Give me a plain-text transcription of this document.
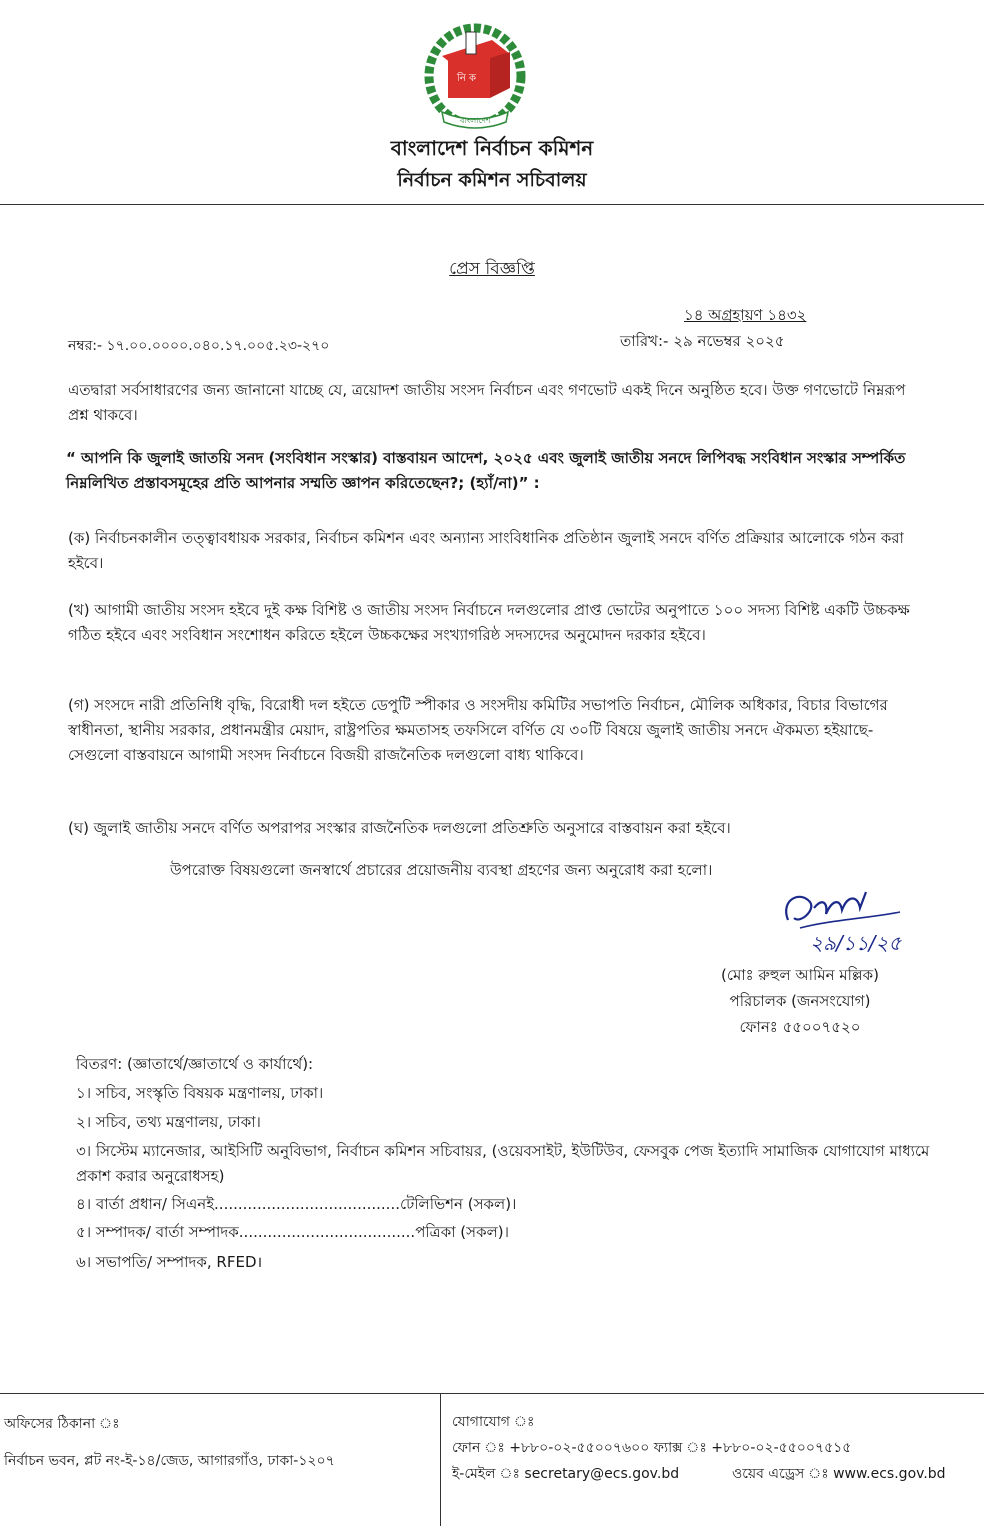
নি ক
বাংলাদেশ
বাংলাদেশ নির্বাচন কমিশন
নির্বাচন কমিশন সচিবালয়
প্রেস বিজ্ঞপ্তি
১৪ অগ্রহায়ণ ১৪৩২
নম্বর:- ১৭.০০.০০০০.০৪০.১৭.০০৫.২৩-২৭০	তারিখ:- ২৯ নভেম্বর ২০২৫
এতদ্বারা সর্বসাধারণের জন্য জানানো যাচ্ছে যে, ত্রয়োদশ জাতীয় সংসদ নির্বাচন এবং গণভোট একই দিনে অনুষ্ঠিত হবে। উক্ত গণভোটে নিম্নরূপ প্রশ্ন থাকবে।
“ আপনি কি জুলাই জাতয়ি সনদ (সংবিধান সংস্কার) বাস্তবায়ন আদেশ, ২০২৫ এবং জুলাই জাতীয় সনদে লিপিবদ্ধ সংবিধান সংস্কার সম্পর্কিত নিম্নলিখিত প্রস্তাবসমূহের প্রতি আপনার সম্মতি জ্ঞাপন করিতেছেন?; (হ্যাঁ/না)” :
(ক) নির্বাচনকালীন তত্ত্বাবধায়ক সরকার, নির্বাচন কমিশন এবং অন্যান্য সাংবিধানিক প্রতিষ্ঠান জুলাই সনদে বর্ণিত প্রক্রিয়ার আলোকে গঠন করা হইবে।
(খ) আগামী জাতীয় সংসদ হইবে দুই কক্ষ বিশিষ্ট ও জাতীয় সংসদ নির্বাচনে দলগুলোর প্রাপ্ত ভোটের অনুপাতে ১০০ সদস্য বিশিষ্ট একটি উচ্চকক্ষ গঠিত হইবে এবং সংবিধান সংশোধন করিতে হইলে উচ্চকক্ষের সংখ্যাগরিষ্ঠ সদস্যদের অনুমোদন দরকার হইবে।
(গ) সংসদে নারী প্রতিনিধি বৃদ্ধি, বিরোধী দল হইতে ডেপুটি স্পীকার ও সংসদীয় কমিটির সভাপতি নির্বাচন, মৌলিক অধিকার, বিচার বিভাগের স্বাধীনতা, স্থানীয় সরকার, প্রধানমন্ত্রীর মেয়াদ, রাষ্ট্রপতির ক্ষমতাসহ তফসিলে বর্ণিত যে ৩০টি বিষয়ে জুলাই জাতীয় সনদে ঐকমত্য হইয়াছে- সেগুলো বাস্তবায়নে আগামী সংসদ নির্বাচনে বিজয়ী রাজনৈতিক দলগুলো বাধ্য থাকিবে।
(ঘ) জুলাই জাতীয় সনদে বর্ণিত অপরাপর সংস্কার রাজনৈতিক দলগুলো প্রতিশ্রুতি অনুসারে বাস্তবায়ন করা হইবে।
উপরোক্ত বিষয়গুলো জনস্বার্থে প্রচারের প্রয়োজনীয় ব্যবস্থা গ্রহণের জন্য অনুরোধ করা হলো।
২৯/১১/২৫
(মোঃ রুহুল আমিন মল্লিক)
পরিচালক (জনসংযোগ)
ফোনঃ ৫৫০০৭৫২০
বিতরণ: (জ্ঞাতার্থে/জ্ঞাতার্থে ও কার্যার্থে):
১। সচিব, সংস্কৃতি বিষয়ক মন্ত্রণালয়, ঢাকা।
২। সচিব, তথ্য মন্ত্রণালয়, ঢাকা।
৩। সিস্টেম ম্যানেজার, আইসিটি অনুবিভাগ, নির্বাচন কমিশন সচিবায়র, (ওয়েবসাইট, ইউটিউব, ফেসবুক পেজ ইত্যাদি সামাজিক যোগাযোগ মাধ্যমে প্রকাশ করার অনুরোধসহ)
৪। বার্তা প্রধান/ সিএনই.......................................টেলিভিশন (সকল)।
৫। সম্পাদক/ বার্তা সম্পাদক.....................................পত্রিকা (সকল)।
৬। সভাপতি/ সম্পাদক, RFED।
অফিসের ঠিকানা ঃ
নির্বাচন ভবন, প্লট নং-ই-১৪/জেড, আগারগাঁও, ঢাকা-১২০৭
যোগাযোগ ঃ
ফোন ঃ +৮৮০-০২-৫৫০০৭৬০০ ফ্যাক্স ঃ +৮৮০-০২-৫৫০০৭৫১৫
ই-মেইল ঃ secretary@ecs.gov.bd	ওয়েব এড্রেস ঃ www.ecs.gov.bd
